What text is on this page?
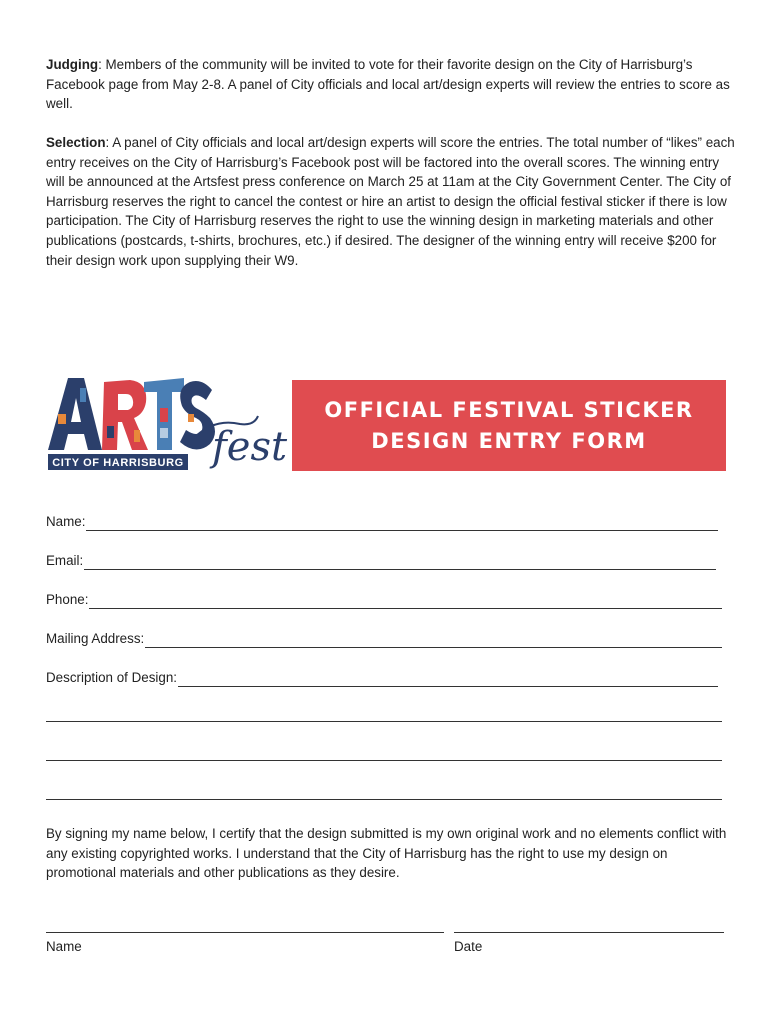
Judging: Members of the community will be invited to vote for their favorite design on the City of Harrisburg’s Facebook page from May 2-8. A panel of City officials and local art/design experts will review the entries to score as well.

Selection: A panel of City officials and local art/design experts will score the entries. The total number of “likes” each entry receives on the City of Harrisburg’s Facebook post will be factored into the overall scores. The winning entry will be announced at the Artsfest press conference on March 25 at 11am at the City Government Center. The City of Harrisburg reserves the right to cancel the contest or hire an artist to design the official festival sticker if there is low participation. The City of Harrisburg reserves the right to use the winning design in marketing materials and other publications (postcards, t-shirts, brochures, etc.) if desired. The designer of the winning entry will receive $200 for their design work upon supplying their W9.

CITY OF HARRISBURG fest
OFFICIAL FESTIVAL STICKER
DESIGN ENTRY FORM
Name:
Email:
Phone:
Mailing Address:
Description of Design:

By signing my name below, I certify that the design submitted is my own original work and no elements conflict with any existing copyrighted works. I understand that the City of Harrisburg has the right to use my design on promotional materials and other publications as they desire.

Name	Date
